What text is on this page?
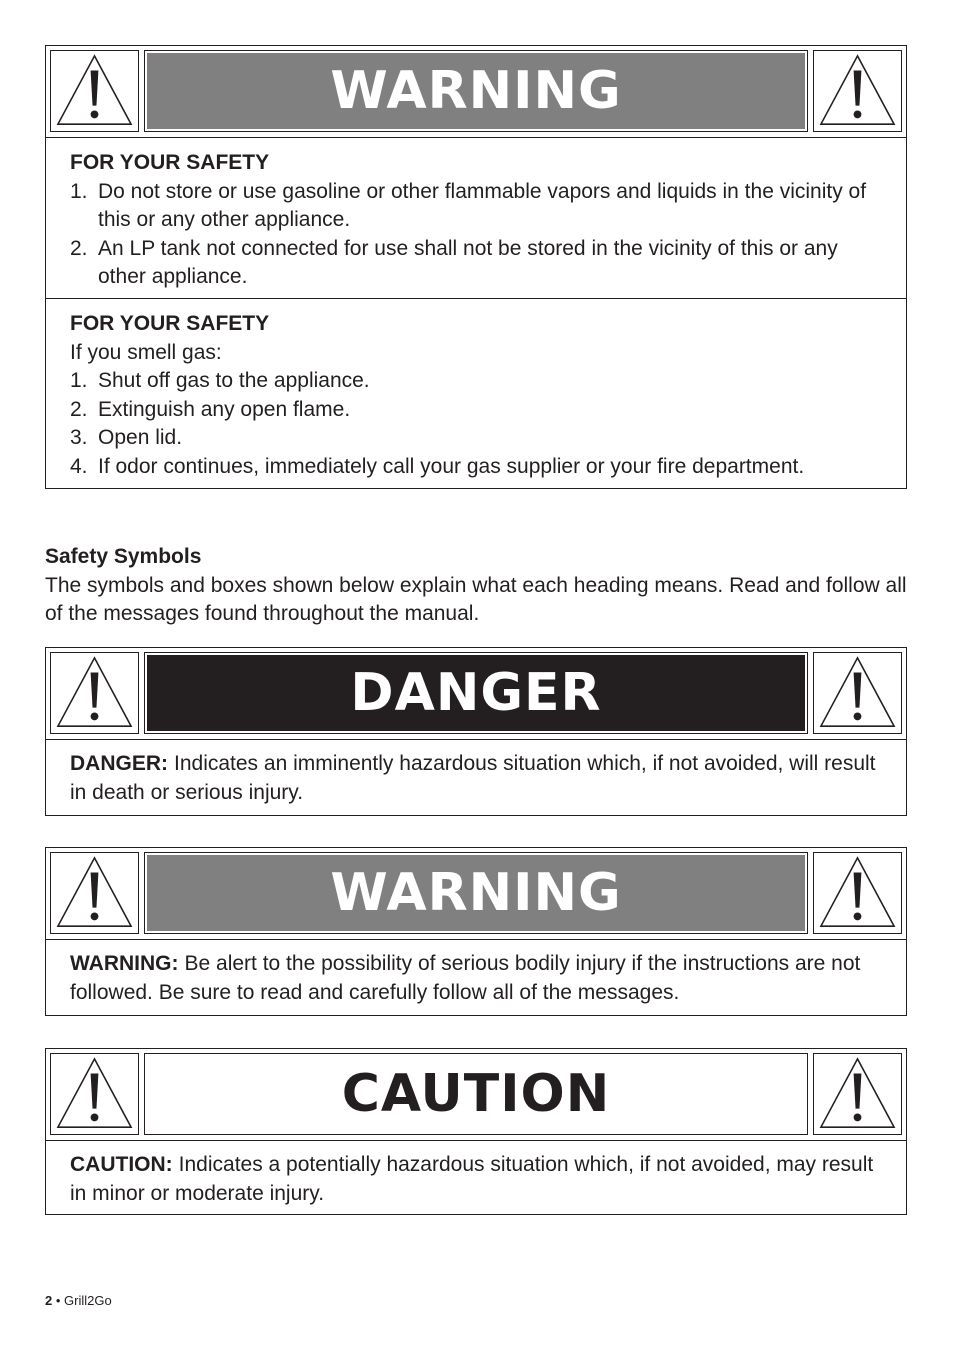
WARNING
FOR YOUR SAFETY
1. Do not store or use gasoline or other flammable vapors and liquids in the vicinity of this or any other appliance.
2. An LP tank not connected for use shall not be stored in the vicinity of this or any other appliance.
FOR YOUR SAFETY
If you smell gas:
1. Shut off gas to the appliance.
2. Extinguish any open flame.
3. Open lid.
4. If odor continues, immediately call your gas supplier or your fire department.
Safety Symbols
The symbols and boxes shown below explain what each heading means. Read and follow all of the messages found throughout the manual.
DANGER
DANGER: Indicates an imminently hazardous situation which, if not avoided, will result in death or serious injury.
WARNING
WARNING: Be alert to the possibility of serious bodily injury if the instructions are not followed. Be sure to read and carefully follow all of the messages.
CAUTION
CAUTION: Indicates a potentially hazardous situation which, if not avoided, may result in minor or moderate injury.
2 • Grill2Go
